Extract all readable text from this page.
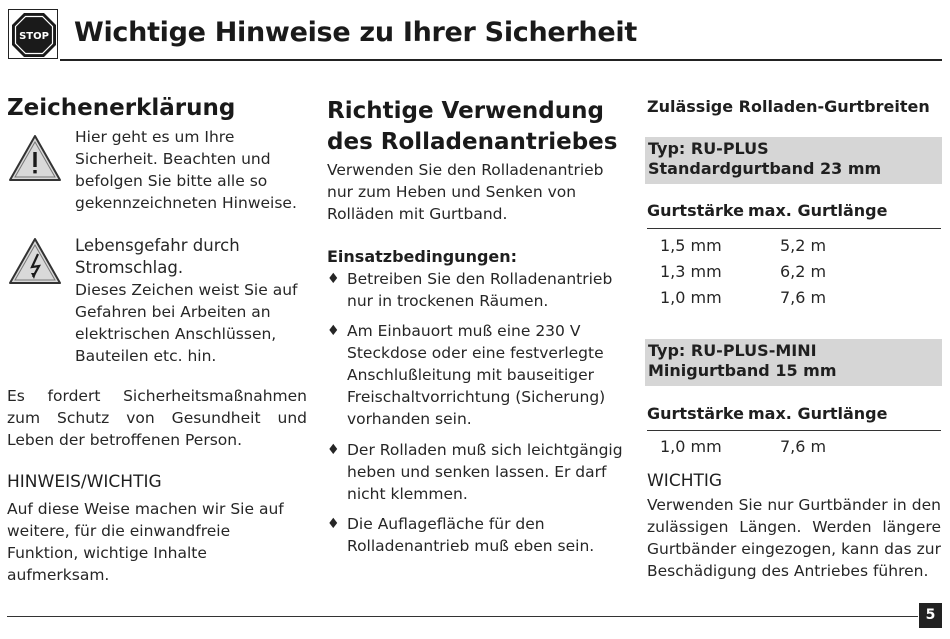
STOP Wichtige Hinweise zu Ihrer Sicherheit
Zeichenerklärung
Hier geht es um Ihre Sicherheit. Beachten und befolgen Sie bitte alle so gekennzeichneten Hinweise.
Lebensgefahr durch Stromschlag.
Dieses Zeichen weist Sie auf Gefahren bei Arbeiten an elektrischen Anschlüssen, Bauteilen etc. hin.
Es fordert Sicherheitsmaßnahmen zum Schutz von Gesundheit und Leben der betroffenen Person.
HINWEIS/WICHTIG
Auf diese Weise machen wir Sie auf weitere, für die einwandfreie Funktion, wichtige Inhalte aufmerksam.
Richtige Verwendung des Rolladenantriebes
Verwenden Sie den Rolladenantrieb nur zum Heben und Senken von Rolläden mit Gurtband.
Einsatzbedingungen:
♦ Betreiben Sie den Rolladenantrieb nur in trockenen Räumen.
♦ Am Einbauort muß eine 230 V Steckdose oder eine festverlegte Anschlußleitung mit bauseitiger Freischaltvorrichtung (Sicherung) vorhanden sein.
♦ Der Rolladen muß sich leichtgängig heben und senken lassen. Er darf nicht klemmen.
♦ Die Auflagefläche für den Rolladenantrieb muß eben sein.
Zulässige Rolladen-Gurtbreiten
Typ: RU-PLUS
Standardgurtband 23 mm
Gurtstärke max. Gurtlänge
1,5 mm	5,2 m
1,3 mm	6,2 m
1,0 mm	7,6 m
Typ: RU-PLUS-MINI
Minigurtband 15 mm
Gurtstärke max. Gurtlänge
1,0 mm	7,6 m
WICHTIG
Verwenden Sie nur Gurtbänder in den zulässigen Längen. Werden längere Gurtbänder eingezogen, kann das zur Beschädigung des Antriebes führen.
5
